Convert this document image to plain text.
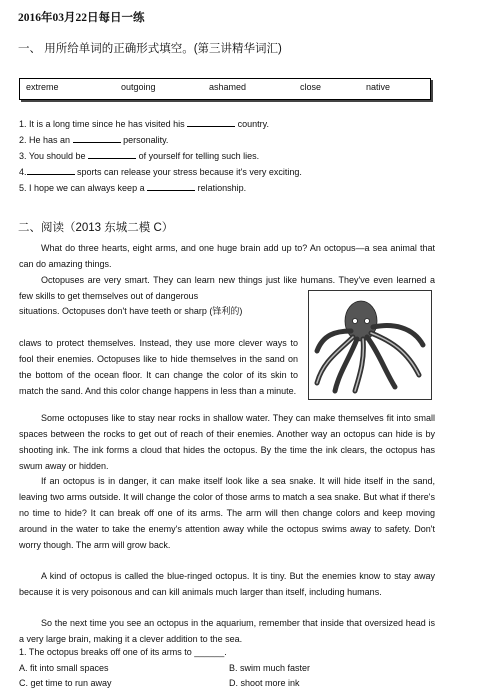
2016年03月22日每日一练
一、 用所给单词的正确形式填空。(第三讲精华词汇)
extreme	outgoing	ashamed	close	native
1. It is a long time since he has visited his	country.
2. He has an	personality.
3. You should be	of yourself for telling such lies.
4.	sports can release your stress because it's very exciting.
5. I hope we can always keep a	relationship.
二、阅读（2013 东城二模 C）

What do three hearts, eight arms, and one huge brain add up to? An octopus—a sea animal that can do amazing things.

Octopuses are very smart. They can learn new things just like humans. They've even learned a few skills to get themselves out of dangerous

situations. Octopuses don't have teeth or sharp (锋利的)

claws to protect themselves. Instead, they use more clever ways to fool their enemies. Octopuses like to hide themselves in the sand on the bottom of the ocean floor. It can change the color of its skin to match the sand. And this color change happens in less than a minute.

Some octopuses like to stay near rocks in shallow water. They can make themselves fit into small spaces between the rocks to get out of reach of their enemies. Another way an octopus can hide is by shooting ink. The ink forms a cloud that hides the octopus. By the time the ink clears, the octopus has swum away or hidden.

If an octopus is in danger, it can make itself look like a sea snake. It will hide itself in the sand, leaving two arms outside. It will change the color of those arms to match a sea snake. But what if there's no time to hide? It can break off one of its arms. The arm will then change colors and keep moving around in the water to take the enemy's attention away while the octopus swims away to safety. Don't worry though. The arm will grow back.

A kind of octopus is called the blue-ringed octopus. It is tiny. But the enemies know to stay away because it is very poisonous and can kill animals much larger than itself, including humans.

So the next time you see an octopus in the aquarium, remember that inside that oversized head is a very large brain, making it a clever addition to the sea.

1. The octopus breaks off one of its arms to ______.
A. fit into small spaces	B. swim much faster
C. get time to run away	D. shoot more ink
